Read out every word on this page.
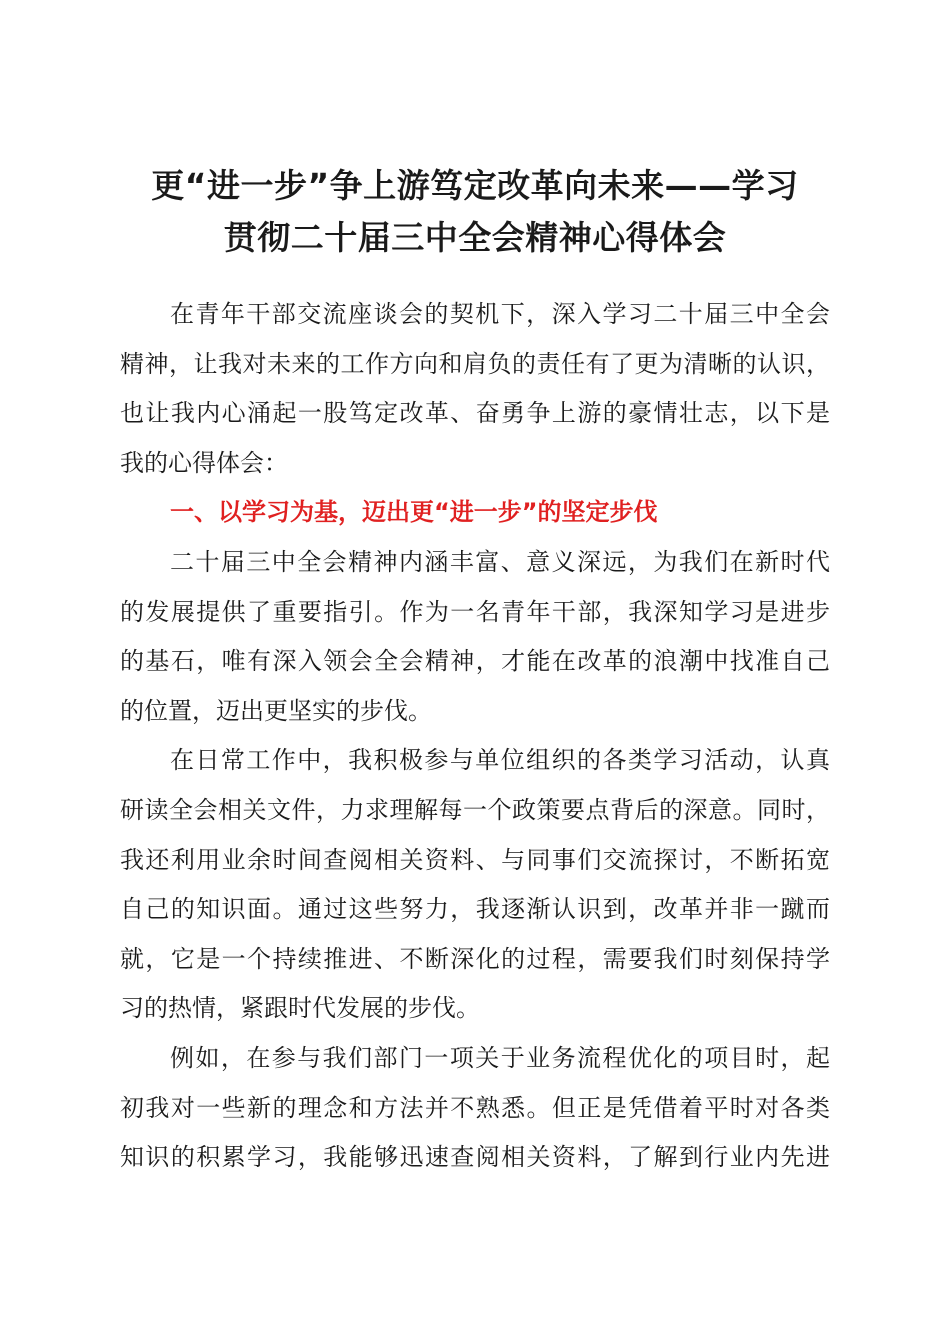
更“进一步”争上游笃定改革向未来——学习
贯彻二十届三中全会精神心得体会
在青年干部交流座谈会的契机下，深入学习二十届三中全会
精神，让我对未来的工作方向和肩负的责任有了更为清晰的认识，
也让我内心涌起一股笃定改革、奋勇争上游的豪情壮志，以下是
我的心得体会：
一、以学习为基，迈出更“进一步”的坚定步伐
二十届三中全会精神内涵丰富、意义深远，为我们在新时代
的发展提供了重要指引。作为一名青年干部，我深知学习是进步
的基石，唯有深入领会全会精神，才能在改革的浪潮中找准自己
的位置，迈出更坚实的步伐。
在日常工作中，我积极参与单位组织的各类学习活动，认真
研读全会相关文件，力求理解每一个政策要点背后的深意。同时，
我还利用业余时间查阅相关资料、与同事们交流探讨，不断拓宽
自己的知识面。通过这些努力，我逐渐认识到，改革并非一蹴而
就，它是一个持续推进、不断深化的过程，需要我们时刻保持学
习的热情，紧跟时代发展的步伐。
例如，在参与我们部门一项关于业务流程优化的项目时，起
初我对一些新的理念和方法并不熟悉。但正是凭借着平时对各类
知识的积累学习，我能够迅速查阅相关资料，了解到行业内先进
